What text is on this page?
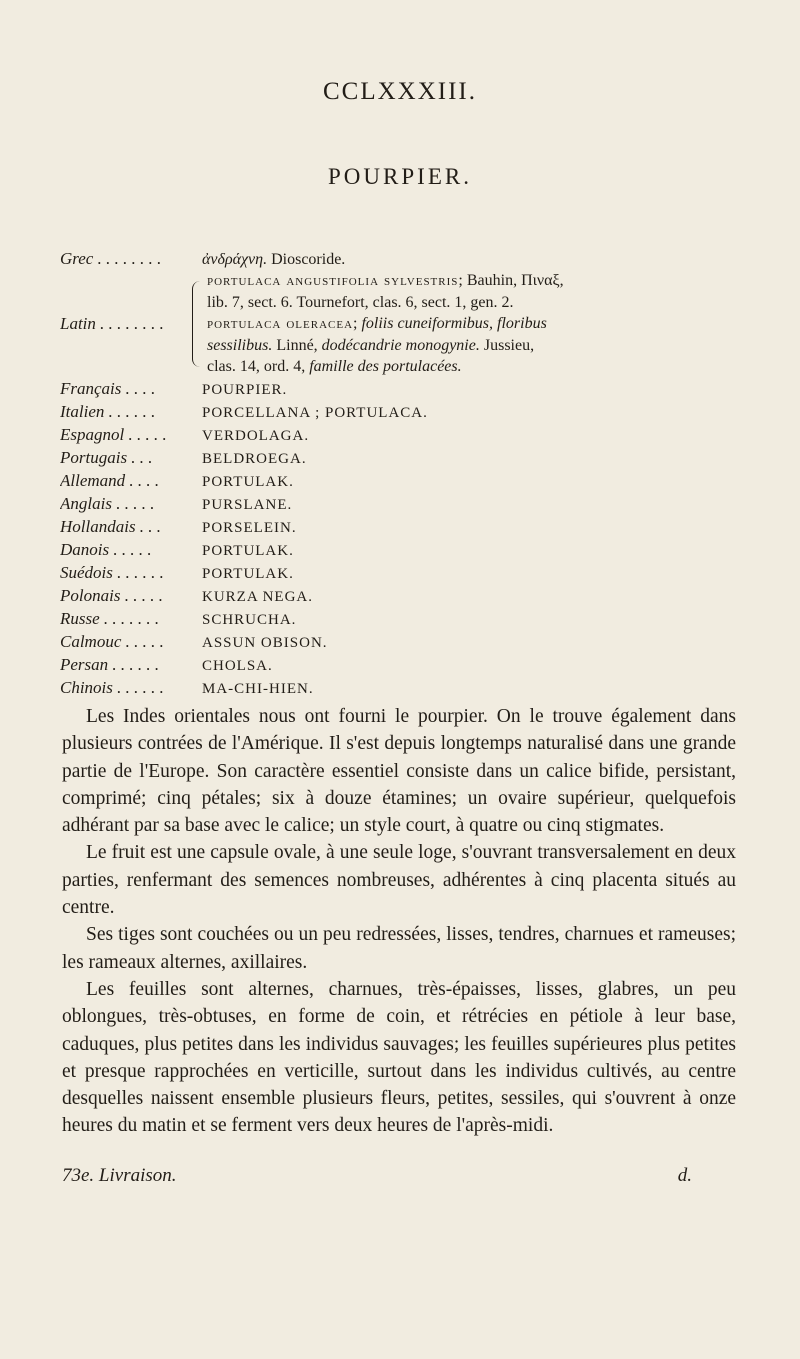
CCLXXXIII.
POURPIER.
Grec . . . . . . . .	ἀνδράχνη. Dioscoride.
Latin . . . . . . . .
portulaca angustifolia sylvestris; Bauhin, Πιναξ,
lib. 7, sect. 6. Tournefort, clas. 6, sect. 1, gen. 2.
portulaca oleracea; foliis cuneiformibus, floribus
sessilibus. Linné, dodécandrie monogynie. Jussieu,
clas. 14, ord. 4, famille des portulacées.
Français . . . .	POURPIER.
Italien . . . . . .	PORCELLANA ; PORTULACA.
Espagnol . . . . .	VERDOLAGA.
Portugais . . .	BELDROEGA.
Allemand . . . .	PORTULAK.
Anglais . . . . .	PURSLANE.
Hollandais . . .	PORSELEIN.
Danois . . . . .	PORTULAK.
Suédois . . . . . .	PORTULAK.
Polonais . . . . .	KURZA NEGA.
Russe . . . . . . .	SCHRUCHA.
Calmouc . . . . .	ASSUN OBISON.
Persan . . . . . .	CHOLSA.
Chinois . . . . . .	MA-CHI-HIEN.

Les Indes orientales nous ont fourni le pourpier. On le trouve également dans plusieurs contrées de l'Amérique. Il s'est depuis longtemps naturalisé dans une grande partie de l'Europe. Son caractère essentiel consiste dans un calice bifide, persistant, comprimé; cinq pétales; six à douze étamines; un ovaire supérieur, quelquefois adhérant par sa base avec le calice; un style court, à quatre ou cinq stigmates.

Le fruit est une capsule ovale, à une seule loge, s'ouvrant transversalement en deux parties, renfermant des semences nombreuses, adhérentes à cinq placenta situés au centre.

Ses tiges sont couchées ou un peu redressées, lisses, tendres, charnues et rameuses; les rameaux alternes, axillaires.

Les feuilles sont alternes, charnues, très-épaisses, lisses, glabres, un peu oblongues, très-obtuses, en forme de coin, et rétrécies en pétiole à leur base, caduques, plus petites dans les individus sauvages; les feuilles supérieures plus petites et presque rapprochées en verticille, surtout dans les individus cultivés, au centre desquelles naissent ensemble plusieurs fleurs, petites, sessiles, qui s'ouvrent à onze heures du matin et se ferment vers deux heures de l'après-midi.

73e. Livraison.	d.
